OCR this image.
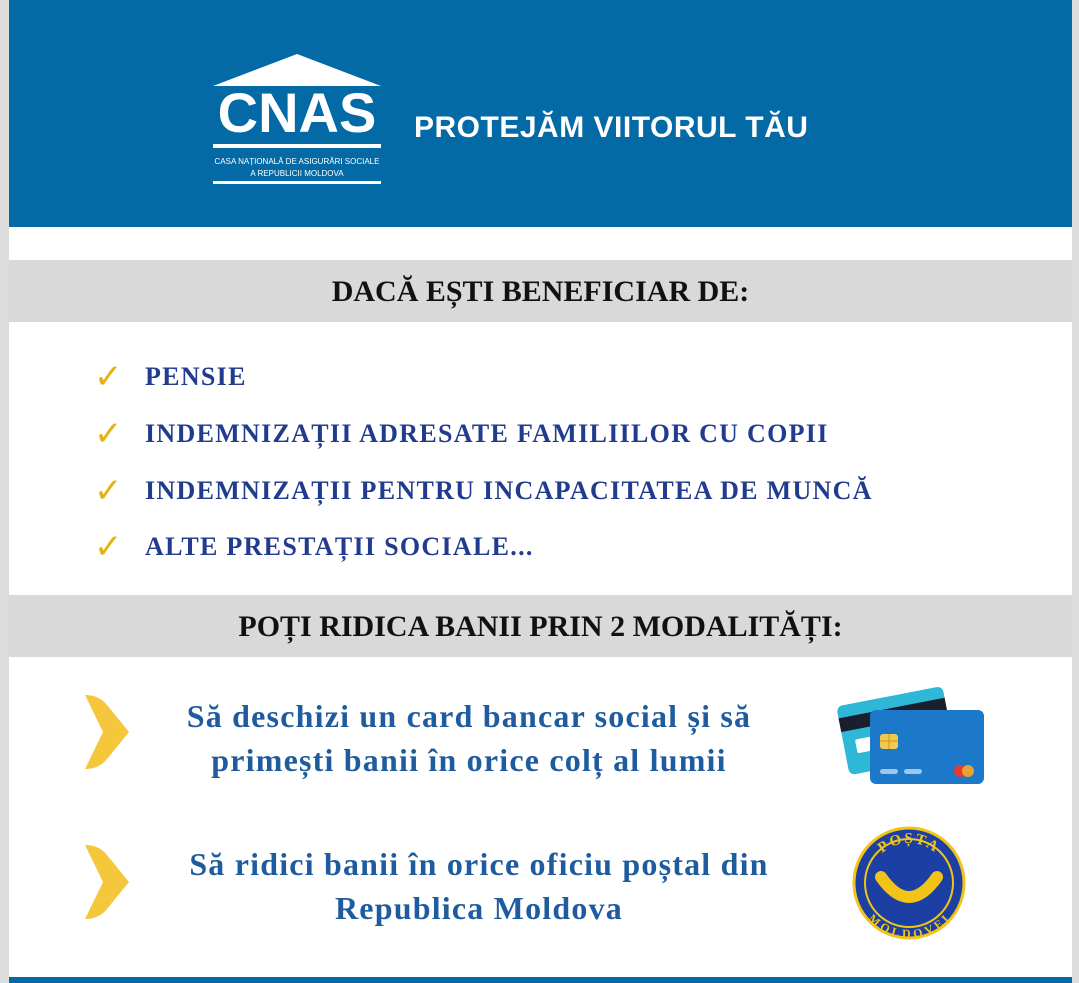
CNAS
CASA NAȚIONALĂ DE ASIGURĂRI SOCIALE
A REPUBLICII MOLDOVA
PROTEJĂM VIITORUL TĂU
DACĂ EȘTI BENEFICIAR DE:
✓ PENSIE
✓ INDEMNIZAȚII ADRESATE FAMILIILOR CU COPII
✓ INDEMNIZAȚII PENTRU INCAPACITATEA DE MUNCĂ
✓ ALTE PRESTAȚII SOCIALE...
POȚI RIDICA BANII PRIN 2 MODALITĂȚI:
Să deschizi un card bancar social și să
primești banii în orice colț al lumii
Să ridici banii în orice oficiu poștal din
Republica Moldova
POȘTA
MOLDOVEI
